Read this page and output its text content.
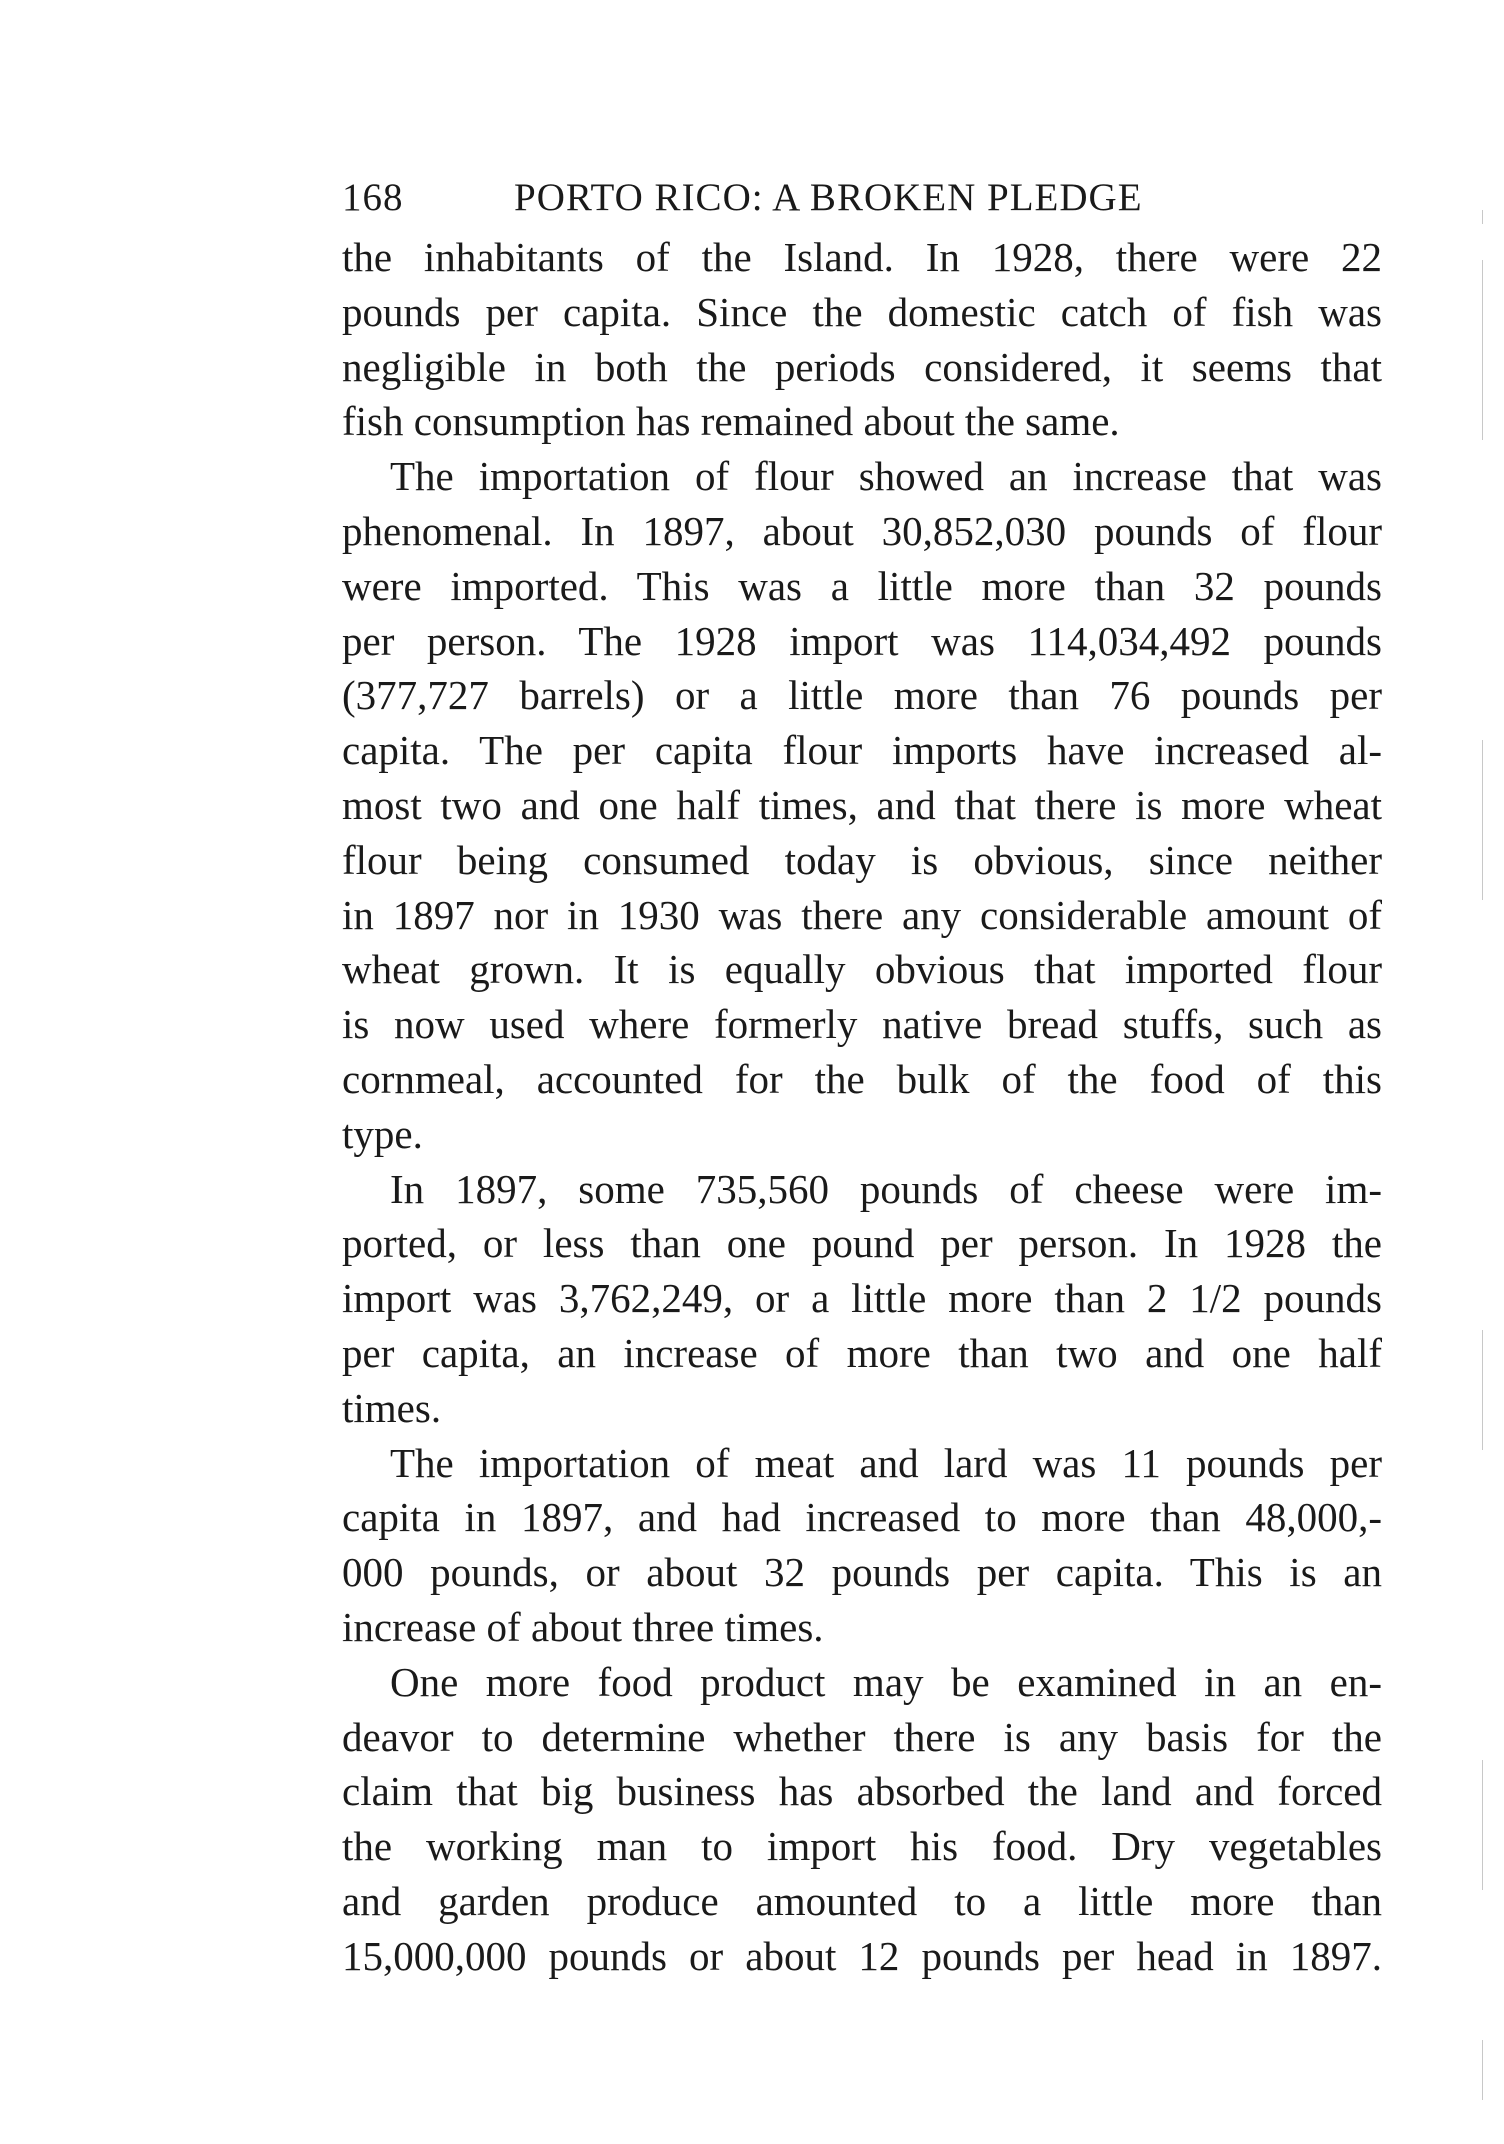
168	PORTO RICO: A BROKEN PLEDGE
the inhabitants of the Island. In 1928, there were 22
pounds per capita. Since the domestic catch of fish was
negligible in both the periods considered, it seems that
fish consumption has remained about the same.
The importation of flour showed an increase that was
phenomenal. In 1897, about 30,852,030 pounds of flour
were imported. This was a little more than 32 pounds
per person. The 1928 import was 114,034,492 pounds
(377,727 barrels) or a little more than 76 pounds per
capita. The per capita flour imports have increased al-
most two and one half times, and that there is more wheat
flour being consumed today is obvious, since neither
in 1897 nor in 1930 was there any considerable amount of
wheat grown. It is equally obvious that imported flour
is now used where formerly native bread stuffs, such as
cornmeal, accounted for the bulk of the food of this
type.
In 1897, some 735,560 pounds of cheese were im-
ported, or less than one pound per person. In 1928 the
import was 3,762,249, or a little more than 2 1/2 pounds
per capita, an increase of more than two and one half
times.
The importation of meat and lard was 11 pounds per
capita in 1897, and had increased to more than 48,000,-
000 pounds, or about 32 pounds per capita. This is an
increase of about three times.
One more food product may be examined in an en-
deavor to determine whether there is any basis for the
claim that big business has absorbed the land and forced
the working man to import his food. Dry vegetables
and garden produce amounted to a little more than
15,000,000 pounds or about 12 pounds per head in 1897.
